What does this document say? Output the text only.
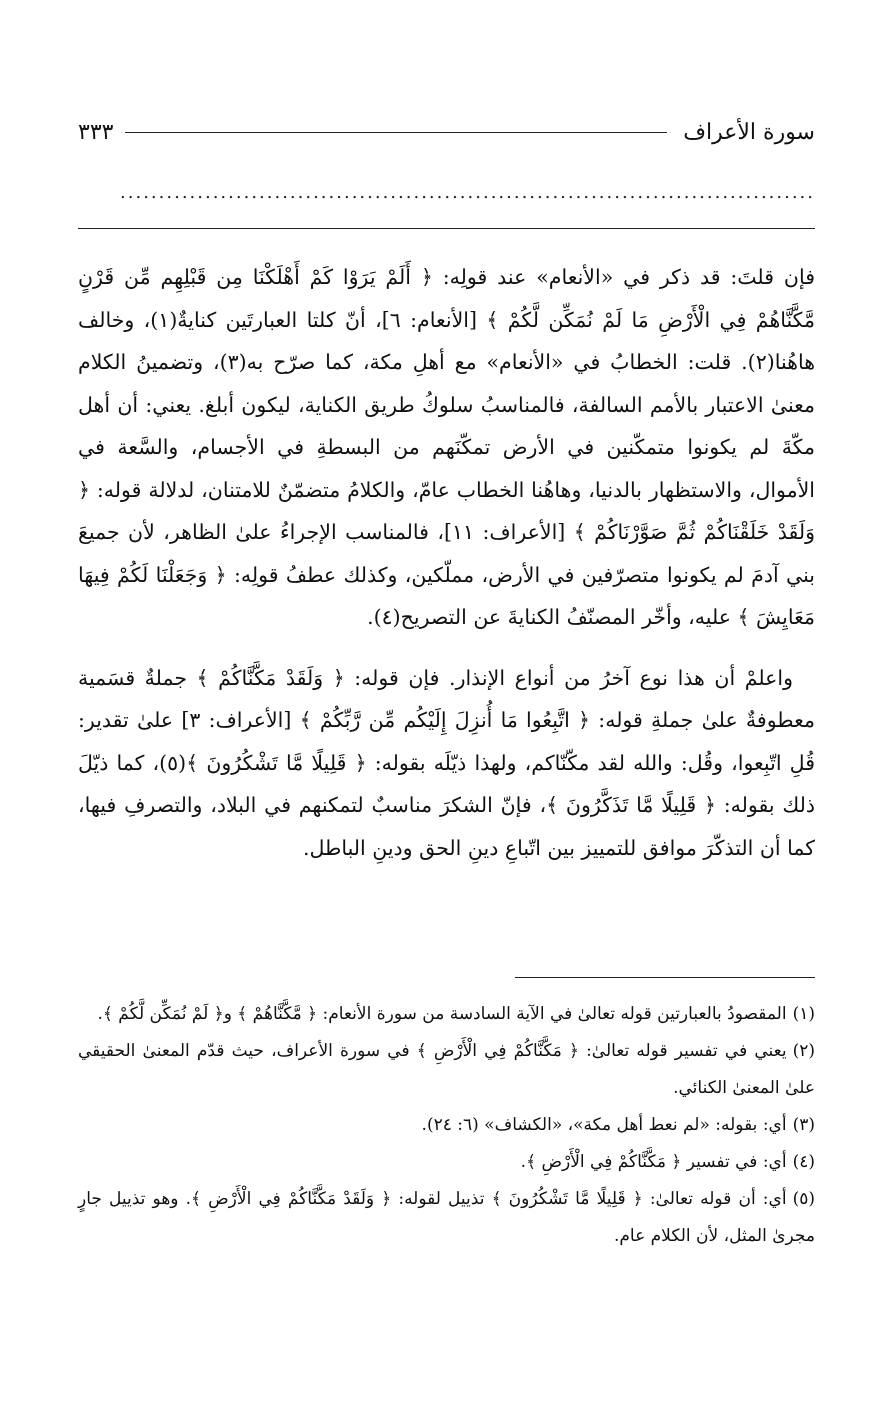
سورة الأعراف
٣٣٣
..........................................................................................

فإن قلتَ: قد ذكر في «الأنعام» عند قولِه: ﴿ أَلَمْ يَرَوْا كَمْ أَهْلَكْنَا مِن قَبْلِهِم مِّن قَرْنٍ مَّكَّنَّاهُمْ فِي الْأَرْضِ مَا لَمْ نُمَكِّن لَّكُمْ ﴾ [الأنعام: ٦]، أنّ كلتا العبارتَين كنايةٌ(١)، وخالف هاهُنا(٢). قلت: الخطابُ في «الأنعام» مع أهلِ مكة، كما صرّح به(٣)، وتضمينُ الكلام معنىٰ الاعتبار بالأمم السالفة، فالمناسبُ سلوكُ طريق الكناية، ليكون أبلغ. يعني: أن أهل مكّةَ لم يكونوا متمكّنين في الأرض تمكّنَهم من البسطةِ في الأجسام، والسَّعة في الأموال، والاستظهار بالدنيا، وهاهُنا الخطاب عامّ، والكلامُ متضمّنٌ للامتنان، لدلالة قوله: ﴿ وَلَقَدْ خَلَقْنَاكُمْ ثُمَّ صَوَّرْنَاكُمْ ﴾ [الأعراف: ١١]، فالمناسب الإجراءُ علىٰ الظاهر، لأن جميعَ بني آدمَ لم يكونوا متصرّفين في الأرض، مملّكين، وكذلك عطفُ قولِه: ﴿ وَجَعَلْنَا لَكُمْ فِيهَا مَعَايِشَ ﴾ عليه، وأخّر المصنّفُ الكنايةَ عن التصريح(٤).

واعلمْ أن هذا نوع آخرُ من أنواع الإنذار. فإن قوله: ﴿ وَلَقَدْ مَكَّنَّاكُمْ ﴾ جملةٌ قسَمية معطوفةٌ علىٰ جملةِ قوله: ﴿ اتَّبِعُوا مَا أُنزِلَ إِلَيْكُم مِّن رَّبِّكُمْ ﴾ [الأعراف: ٣] علىٰ تقدير: قُلِ اتّبِعوا، وقُل: والله لقد مكّنّاكم، ولهذا ذيّلَه بقوله: ﴿ قَلِيلًا مَّا تَشْكُرُونَ ﴾(٥)، كما ذيّلَ ذلك بقوله: ﴿ قَلِيلًا مَّا تَذَكَّرُونَ ﴾، فإنّ الشكرَ مناسبٌ لتمكنهم في البلاد، والتصرفِ فيها، كما أن التذكّرَ موافق للتمييز بين اتّباعِ دينِ الحق ودينِ الباطل.

(١)المقصودُ بالعبارتين قوله تعالىٰ في الآية السادسة من سورة الأنعام: ﴿ مَّكَّنَّاهُمْ ﴾ و﴿ لَمْ نُمَكِّن لَّكُمْ ﴾.

(٢)يعني في تفسير قوله تعالىٰ: ﴿ مَكَّنَّاكُمْ فِي الْأَرْضِ ﴾ في سورة الأعراف، حيث قدّم المعنىٰ الحقيقي علىٰ المعنىٰ الكنائي.

(٣)أي: بقوله: «لم نعط أهل مكة»، «الكشاف» (٦: ٢٤).

(٤)أي: في تفسير ﴿ مَكَّنَّاكُمْ فِي الْأَرْضِ ﴾.

(٥)أي: أن قوله تعالىٰ: ﴿ قَلِيلًا مَّا تَشْكُرُونَ ﴾ تذييل لقوله: ﴿ وَلَقَدْ مَكَّنَّاكُمْ فِي الْأَرْضِ ﴾. وهو تذييل جارٍ مجرىٰ المثل، لأن الكلام عام.
